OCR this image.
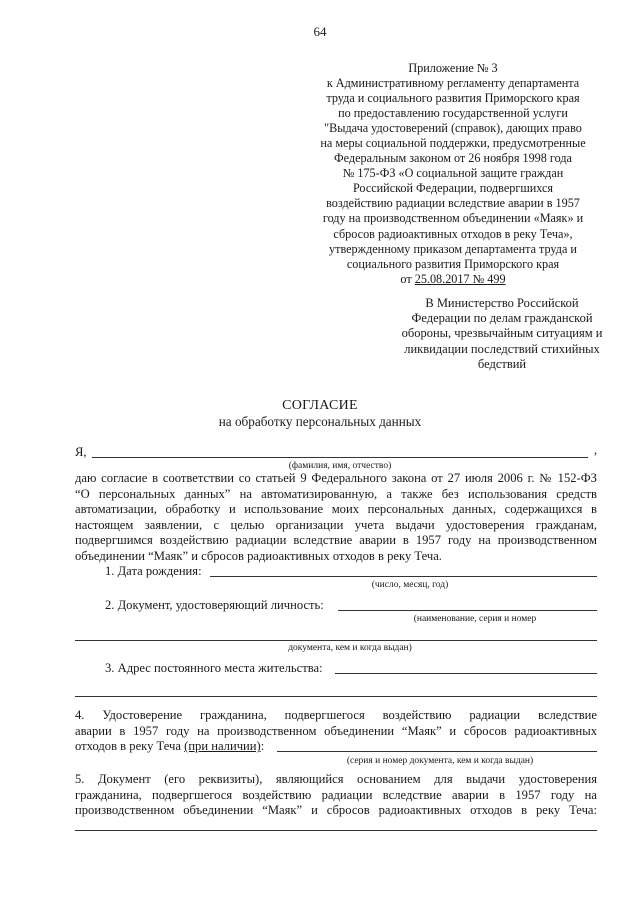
64
Приложение № 3
к Административному регламенту департамента
труда и социального развития Приморского края
по предоставлению государственной услуги
"Выдача удостоверений (справок), дающих право
на меры социальной поддержки, предусмотренные
Федеральным законом от 26 ноября 1998 года
№ 175-ФЗ «О социальной защите граждан
Российской Федерации, подвергшихся
воздействию радиации вследствие аварии в 1957
году на производственном объединении «Маяк» и
сбросов радиоактивных отходов в реку Теча»,
утвержденному приказом департамента труда и
социального развития Приморского края
от 25.08.2017 № 499
В Министерство Российской
Федерации по делам гражданской
обороны, чрезвычайным ситуациям и
ликвидации последствий стихийных
бедствий
СОГЛАСИЕ
на обработку персональных данных
Я,	,
(фамилия, имя, отчество)
даю согласие в соответствии со статьей 9 Федерального закона от 27 июля 2006 г. № 152-ФЗ
“О персональных данных” на автоматизированную, а также без использования средств
автоматизации, обработку и использование моих персональных данных, содержащихся в
настоящем заявлении, с целью организации учета выдачи удостоверения гражданам,
подвергшимся воздействию радиации вследствие аварии в 1957 году на производственном
объединении “Маяк” и сбросов радиоактивных отходов в реку Теча.
1. Дата рождения:
(число, месяц, год)
2. Документ, удостоверяющий личность:
(наименование, серия и номер
документа, кем и когда выдан)
3. Адрес постоянного места жительства:
4. Удостоверение гражданина, подвергшегося воздействию радиации вследствие
аварии в 1957 году на производственном объединении “Маяк” и сбросов радиоактивных
отходов в реку Теча (при наличии):
(серия и номер документа, кем и когда выдан)
5. Документ (его реквизиты), являющийся основанием для выдачи удостоверения
гражданина, подвергшегося воздействию радиации вследствие аварии в 1957 году на
производственном объединении “Маяк” и сбросов радиоактивных отходов в реку Теча:
